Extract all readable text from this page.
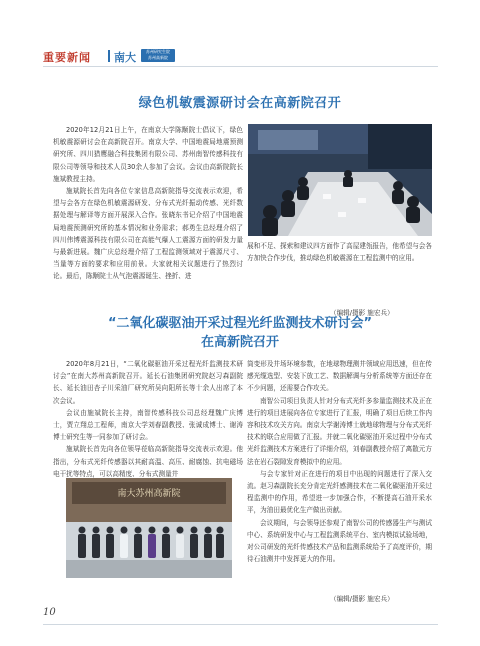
重要新闻 南大	苏州研究生院
苏州高新院
绿色机敏震源研讨会在高新院召开

2020年12月21日上午，在南京大学陈颙院士倡议下，绿色机敏震源研讨会在高新院召开。南京大学、中国地震局地震预测研究所、四川猎鹰融合科技集团有限公司、苏州南智传感科技有限公司等领导和技术人员30余人参加了会议。会议由高新院院长施斌教授主持。

施斌院长首先向各位专家信息高新院指导交流表示欢迎，希望与会各方在绿色机敏震源研发、分布式光纤振动传感、光纤数据处理与解译等方面开展深入合作。张晓东书记介绍了中国地震局地震预测研究所的基本情况和业务需求；郝勇生总经理介绍了四川伟博震源科技有限公司在高能气爆人工震源方面的研发力量与最新进展。魏广庆总经理介绍了工程监测领域对于震源尺寸、当量等方面的要求和应用前景。大家就相关议题进行了热烈讨论。最后，陈颙院士从气泡震源诞生、挫折、进

展和不足、探索和建议四方面作了高屋建瓴报告，他希望与会各方加快合作步伐，推动绿色机敏震源在工程监测中的应用。

（编辑/摄影 施宏兵）
“二氧化碳驱油开采过程光纤监测技术研讨会”
在高新院召开

2020年8月21日，“二氧化碳驱油开采过程光纤监测技术研讨会”在南大苏州高新院召开。延长石油集团研究院赵习森副院长、延长油田杏子川采油厂研究所吴向阳所长等十余人出席了本次会议。

会议由施斌院长主持，南智传感科技公司总经理魏广庆博士，贾立翔总工程师，南京大学刘春副教授、张诚成博士、谢涛博士研究生等一同参加了研讨会。

施斌院长首先向各位领导莅临高新院指导交流表示欢迎。他指出，分布式光纤传感器以其耐高温、高压、耐腐蚀、抗电磁场电干扰等特点，可以高精度、分布式测量井

南大苏州高新院

筒变形及井场环境参数，在地球物理测井领域应用迅速，但在传感光缆选型、安装下放工艺、数据解调与分析系统等方面还存在不少问题，还需要合作攻关。

南智公司项目负责人针对分布式光纤多参量监测技术及正在进行的项目进展向各位专家进行了汇报，明确了项目后续工作内容和技术攻关方向。南京大学谢涛博士就地球物理与分布式光纤技术的联合应用做了汇报。并就二氧化碳驱油开采过程中分布式光纤监测技术方案进行了详细介绍，刘春副教授介绍了离散元方法在岩石裂隙发育模拟中的应用。

与会专家针对正在进行的项目中出现的问题进行了深入交流。赵习森副院长充分肯定光纤感测技术在二氧化碳驱油开采过程监测中的作用，希望进一步加强合作，不断提高石油开采水平，为油田最优化生产做出贡献。

会议期间，与会领导还参观了南智公司的传感器生产与测试中心、系统研发中心与工程监测系统平台、室内模拟试验场地，对公司研发的光纤传感技术产品和监测系统给予了高度评价，期待石油测井中发挥更大的作用。

（编辑/摄影 施宏兵）
10
